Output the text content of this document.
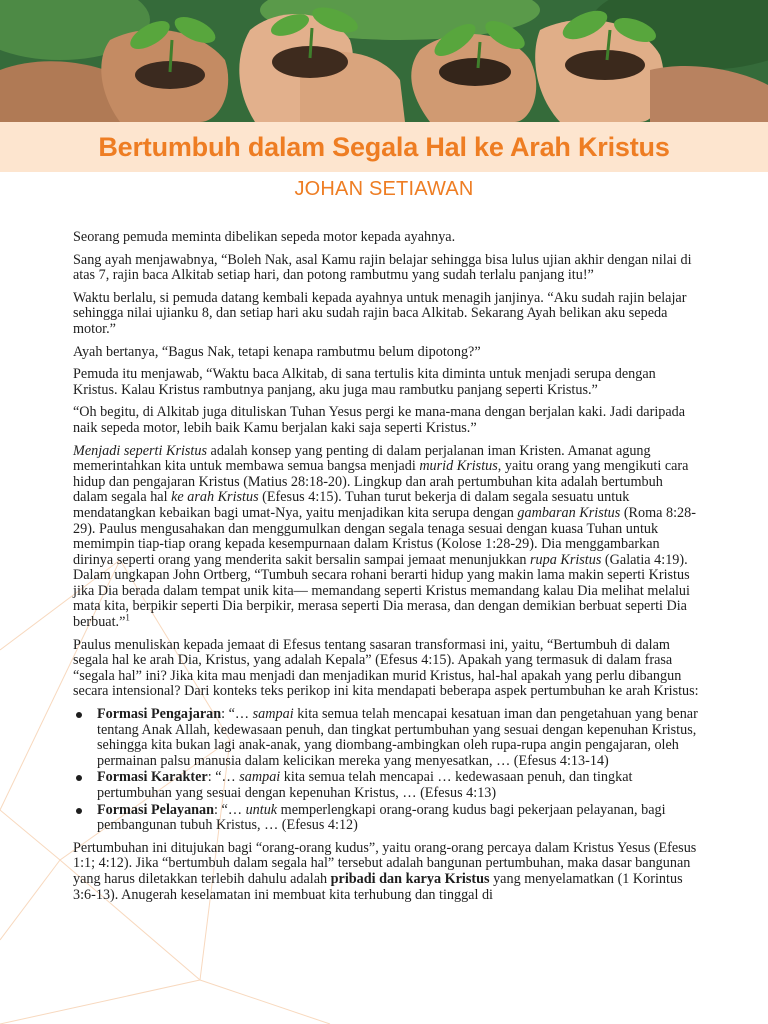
Bertumbuh dalam Segala Hal ke Arah Kristus
JOHAN SETIAWAN

Seorang pemuda meminta dibelikan sepeda motor kepada ayahnya.

Sang ayah menjawabnya, “Boleh Nak, asal Kamu rajin belajar sehingga bisa lulus ujian akhir dengan nilai di atas 7, rajin baca Alkitab setiap hari, dan potong rambutmu yang sudah terlalu panjang itu!”

Waktu berlalu, si pemuda datang kembali kepada ayahnya untuk menagih janjinya. “Aku sudah rajin belajar sehingga nilai ujianku 8, dan setiap hari aku sudah rajin baca Alkitab. Sekarang Ayah belikan aku sepeda motor.”

Ayah bertanya, “Bagus Nak, tetapi kenapa rambutmu belum dipotong?”

Pemuda itu menjawab, “Waktu baca Alkitab, di sana tertulis kita diminta untuk menjadi serupa dengan Kristus. Kalau Kristus rambutnya panjang, aku juga mau rambutku panjang seperti Kristus.”

“Oh begitu, di Alkitab juga dituliskan Tuhan Yesus pergi ke mana-mana dengan berjalan kaki. Jadi daripada naik sepeda motor, lebih baik Kamu berjalan kaki saja seperti Kristus.”

Menjadi seperti Kristus adalah konsep yang penting di dalam perjalanan iman Kristen. Amanat agung memerintahkan kita untuk membawa semua bangsa menjadi murid Kristus, yaitu orang yang mengikuti cara hidup dan pengajaran Kristus (Matius 28:18-20). Lingkup dan arah pertumbuhan kita adalah bertumbuh dalam segala hal ke arah Kristus (Efesus 4:15). Tuhan turut bekerja di dalam segala sesuatu untuk mendatangkan kebaikan bagi umat-Nya, yaitu menjadikan kita serupa dengan gambaran Kristus (Roma 8:28-29). Paulus mengusahakan dan menggumulkan dengan segala tenaga sesuai dengan kuasa Tuhan untuk memimpin tiap-tiap orang kepada kesempurnaan dalam Kristus (Kolose 1:28-29). Dia menggambarkan dirinya seperti orang yang menderita sakit bersalin sampai jemaat menunjukkan rupa Kristus (Galatia 4:19). Dalam ungkapan John Ortberg, “Tumbuh secara rohani berarti hidup yang makin lama makin seperti Kristus jika Dia berada dalam tempat unik kita— memandang seperti Kristus memandang kalau Dia melihat melalui mata kita, berpikir seperti Dia berpikir, merasa seperti Dia merasa, dan dengan demikian berbuat seperti Dia berbuat.”$^1$

Paulus menuliskan kepada jemaat di Efesus tentang sasaran transformasi ini, yaitu, “Bertumbuh di dalam segala hal ke arah Dia, Kristus, yang adalah Kepala” (Efesus 4:15). Apakah yang termasuk di dalam frasa “segala hal” ini? Jika kita mau menjadi dan menjadikan murid Kristus, hal-hal apakah yang perlu dibangun secara intensional? Dari konteks teks perikop ini kita mendapati beberapa aspek pertumbuhan ke arah Kristus:

Formasi Pengajaran: “… sampai kita semua telah mencapai kesatuan iman dan pengetahuan yang benar tentang Anak Allah, kedewasaan penuh, dan tingkat pertumbuhan yang sesuai dengan kepenuhan Kristus, sehingga kita bukan lagi anak-anak, yang diombang-ambingkan oleh rupa-rupa angin pengajaran, oleh permainan palsu manusia dalam kelicikan mereka yang menyesatkan, … (Efesus 4:13-14)
Formasi Karakter: “… sampai kita semua telah mencapai … kedewasaan penuh, dan tingkat pertumbuhan yang sesuai dengan kepenuhan Kristus, … (Efesus 4:13)
Formasi Pelayanan: “… untuk memperlengkapi orang-orang kudus bagi pekerjaan pelayanan, bagi pembangunan tubuh Kristus, … (Efesus 4:12)

Pertumbuhan ini ditujukan bagi “orang-orang kudus”, yaitu orang-orang percaya dalam Kristus Yesus (Efesus 1:1; 4:12). Jika “bertumbuh dalam segala hal” tersebut adalah bangunan pertumbuhan, maka dasar bangunan yang harus diletakkan terlebih dahulu adalah pribadi dan karya Kristus yang menyelamatkan (1 Korintus 3:6-13). Anugerah keselamatan ini membuat kita terhubung dan tinggal di
